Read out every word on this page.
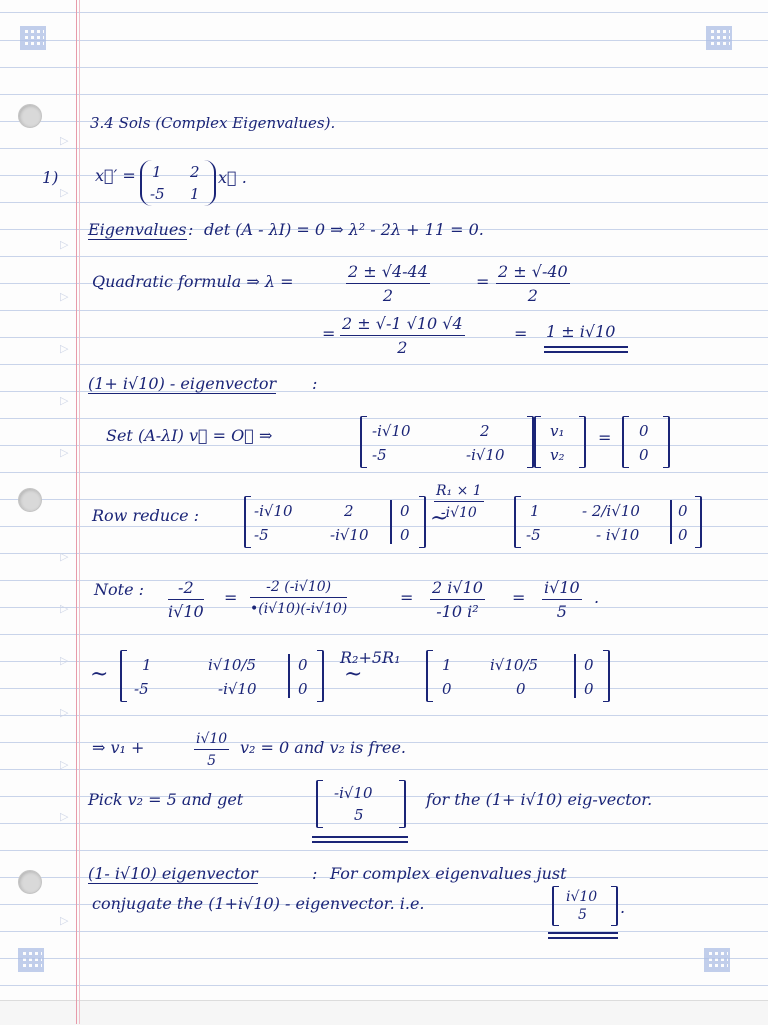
▷
▷
▷
▷
▷
▷
▷
▷
▷
▷
▷
▷
▷
▷
3.4 Sols (Complex Eigenvalues).
1) x⃗′ = 1 2
-5 1
x⃗ .
Eigenvalues : det (A - λI) = 0 ⇒ λ² - 2λ + 11 = 0.
Quadratic formula ⇒ λ =	$\frac{2 \pm √4-44}{2}$	= $\frac{2 \pm √-40}{2}$
= $\frac{2 \pm √-1 √10 √4}{2}$	= 1 ± i√10
(1+ i√10) - eigenvector :
Set (A-λI) v⃗ = O⃗ ⇒	-i√10	2
-5	-i√10
v₁
v₂
= 0
0
Row reduce :	-i√10	2	0
-5	-i√10 0
$\frac{\text{R₁ × 1}}{-i√10}$
~	1	- 2/i√10	0
-5	- i√10	0
Note : $\frac{-2}{i√10} = \frac{-2 (-i√10)}{•(i√10)(-i√10)}$	= $\frac{2 i√10}{\text{-10 i²}} = \frac{i√10}{5}$ .
~ 1	i√10/5	0
-5	-i√10	0
R₂+5R₁
~	1	i√10/5	0
0	0	0
⇒ v₁ +	$\frac{i√10}{5} v_2 = 0$ and v₂ is free.
Pick v₂ = 5 and get	-i√10
5
for the (1+ i√10) eig-vector.
(1- i√10) eigenvector	: For complex eigenvalues just
conjugate the (1+i√10) - eigenvector. i.e.	i√10
5 .
